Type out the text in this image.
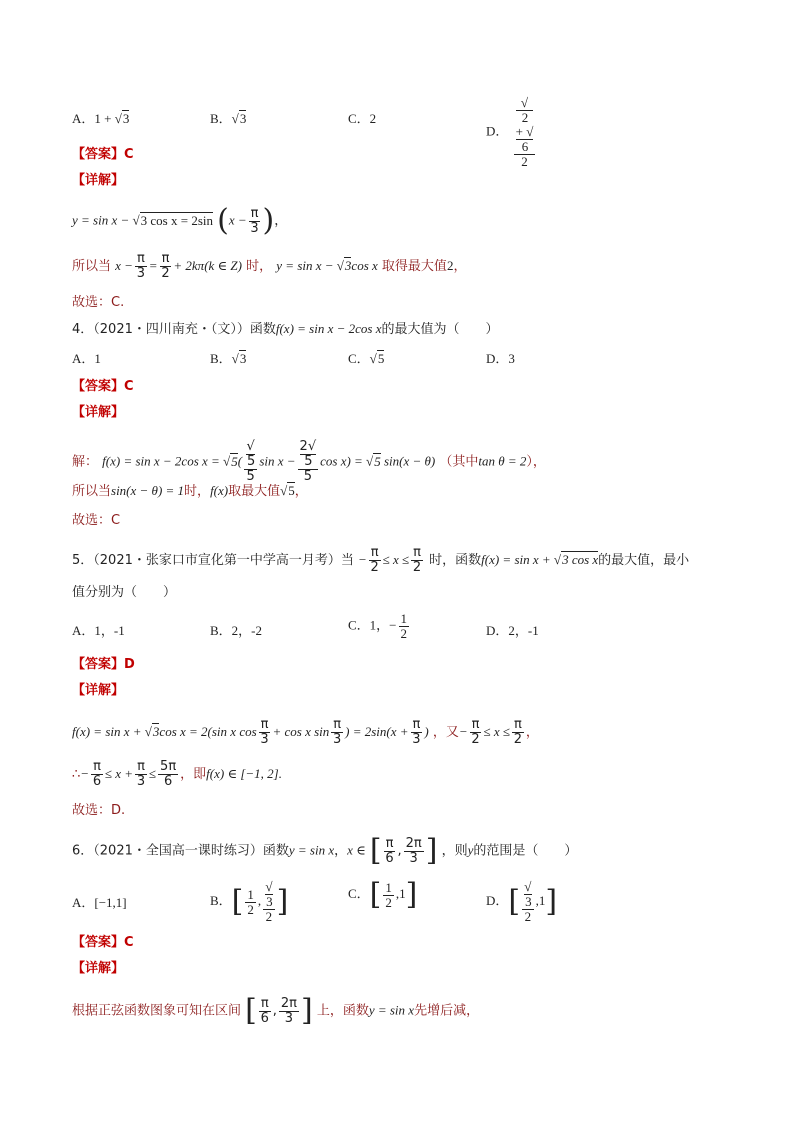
A．1 + √3	B．√3	C．2
D． √
2
+ √
6
2
【答案】C
【详解】
y = sin x − √3 cos x = 2sin ($x - \frac{\pi}{3}$ )，
所以当 $x - \frac{\pi}{3} = \frac{\pi}{2} + 2k\pi(k$ ∈ Z) 时， y = sin x − √3cos x 取得最大值2，
故选：C.
4．（2021・四川南充・（文））函数f(x) = sin x − 2cos x的最大值为（　　）
A．1	B．√3	C．√5	D．3
【答案】C
【详解】
解： f(x) = sin x − 2cos x = √5( √
5
5 sin x − 2√
5
5 cos x) = √5 sin(x − θ) （其中tan θ = 2），
所以当sin(x − θ) = 1时，f(x)取最大值√5，
故选：C
5．（2021・张家口市宣化第一中学高一月考）当 − $\frac{\pi}{2} \le x \le \frac{\pi}{2}$ 时，函数f(x) = sin x + √3 cos x的最大值，最小
值分别为（　　）
A．1，-1	B．2，-2	C．1，− $\frac{1}{2}$	D．2，-1
【答案】D
【详解】
f(x) = sin x + √3cos x = 2(sin x $\cos \frac{\pi}{3} + \cos x$ $\sin \frac{\pi}{3}$ ) = $2\sin(x + \frac{\pi}{3}$ ) ，又− $\frac{\pi}{2} \le x \le \frac{\pi}{2}$ ，
∴− $\frac{\pi}{6} \le x + \frac{\pi}{3} \le \frac{5\pi}{6}$ ，即f(x) ∈ [−1, 2].
故选：D.
6．（2021・全国高一课时练习）函数y = sin x，x ∈ [ $\frac{\pi}{6}$ , $\frac{2\pi}{3}$ ] ，则y的范围是（　　）
A．[−1,1]	B．[ $\frac{1}{2}$ , √
3
2 ]	C．[ $\frac{1}{2} ,1$]	D．[ √
3
2 ,1]
【答案】C
【详解】
根据正弦函数图象可知在区间 [ $\frac{\pi}{6}$ , $\frac{2\pi}{3}$ ] 上，函数y = sin x先增后减，
